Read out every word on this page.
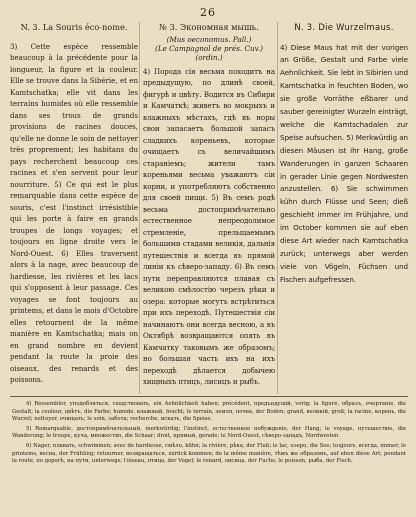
26

N. 3. La Souris éco-nome.

3) Cette espèce ressemble beaucoup à la précédente pour la longueur, la figure et la couleur. Elle se trouve dans la Sibérie, et en Kamtschatka; elle vit dans les terrains humides où elle ressemble dans ses trous de grands provisions de racines douces, qu'elle ne donne le soin de nettoyer très proprement; les habitans du pays recherchent beaucoup ces racines et s'en servent pour leur nourriture. 5) Ce qui est le plus remarquable dans cette espèce de souris, c'est l'instinct irrésistible qui les porte à faire en grands troupes de longs voyages; et toujours en ligne droite vers le Nord-Ouest. 6) Elles traversent alors à la nage, avec beaucoup de hardiesse, les rivières et les lacs qui s'opposent à leur passage. Ces voyages se font toujours au printems, et dans le mois d'Octobre elles retournent de la même manière en Kamtschatka; mais on en grand nombre en devient pendant la route la proie des oiseaux, des renards et des poissons.

№ 3. Экономная мышь.

(Mus oeconomus. Pall.)

(Le Campagnol de prés. Cuv.) (ordin.)

4) Порода сія весьма походитъ на предыдущую, по длинѣ своей, фигурѣ и цвѣту. Водится въ Сибири и Камчаткѣ; живетъ во мокрыхъ и влажныхъ мѣстахъ, гдѣ въ норы свои запасаетъ большой запасъ сладкихъ кореньевъ, которые очищаетъ съ величайшимъ стараніемъ; жители тамъ кореньями весьма уважаютъ сіи корни, и употребляютъ собственно для своей пищи. 5) Въ семъ родѣ весьма достопримѣчательно естественное непреодолимое стремленіе, прельщаемымъ большими стадами великія, дальнія путешествія и всегда въ прямой линіи къ сѣверо-западу. 6) Въ семъ пути переправляются плавая съ великою смѣлостію черезъ рѣки и озера: которые могутъ встрѣтиться при ихъ переходѣ. Путешествія сіи начинаютъ они всегда весною, а въ Октябрѣ возвращаются опять въ Камчатку таковымъ же образомъ; но большая часть ихъ на ихъ переходѣ дѣлается добычею хищныхъ птицъ, лисицъ и рыбъ.

N. 3. Die Wurzelmaus.

4) Diese Maus hat mit der vorigen an Größe, Gestalt und Farbe viele Aehnlichkeit. Sie lebt in Sibirien und Kamtschatka in feuchten Boden, wo sie große Vorräthe eßbarer und sauber gereinigter Wurzeln einträgt, welche die Kamtschadalen zur Speise aufsuchen. 5) Merkwürdig an diesen Mäusen ist ihr Hang, große Wanderungen in ganzen Schaaren in gerader Linie gegen Nordwesten anzustellen. 6) Sie schwimmen kühn durch Flüsse und Seen; dieß geschieht immer im Frühjahre, und im October kommen sie auf eben diese Art wieder nach Kamtschatka zurück; unterwegs aber werden viele von Vögeln, Füchsen und Fischen aufgefressen.

4) Ressembler, уподобляться, сходствовать, ein Aehnlichkeit haben; précédent, предъидущій, vorig; la figure, образъ, очертаніе, die Gestalt; la couleur, цвѣтъ, die Farbe; humide, влажный, feucht; le terrain, земля, почва, der Boden; grand, великій, groß; la racine, корень, die Wurzel; nettoyer, очищать; le soin, забота; recherche, искать, die Speise.

5) Remarquable, достопримѣчательный, merkwürdig; l'instinct, естественное побужденіе, der Hang; le voyage, путешествіе, die Wanderung; le troupe, куча, множество, die Schaar; droit, прямый, gerade; le Nord-Ouest, сѣверо-западъ, Nordwesten.

6) Nager, плавать, schwimmen; avec de hardiesse, смѣло, kühn; la rivière, рѣка, der Fluß; le lac, озеро, die See; toujours, всегда, immer; le printems, весна, der Frühling; retourner, возвращаться, zurück kommen; de la même manière, тѣмъ же образомъ, auf eben diese Art; pendant la route, по дорогѣ, на пути, unterwegs; l'oiseau, птица, der Vogel; le renard, лисица, der Fuchs; le poisson, рыба, der Fisch.
